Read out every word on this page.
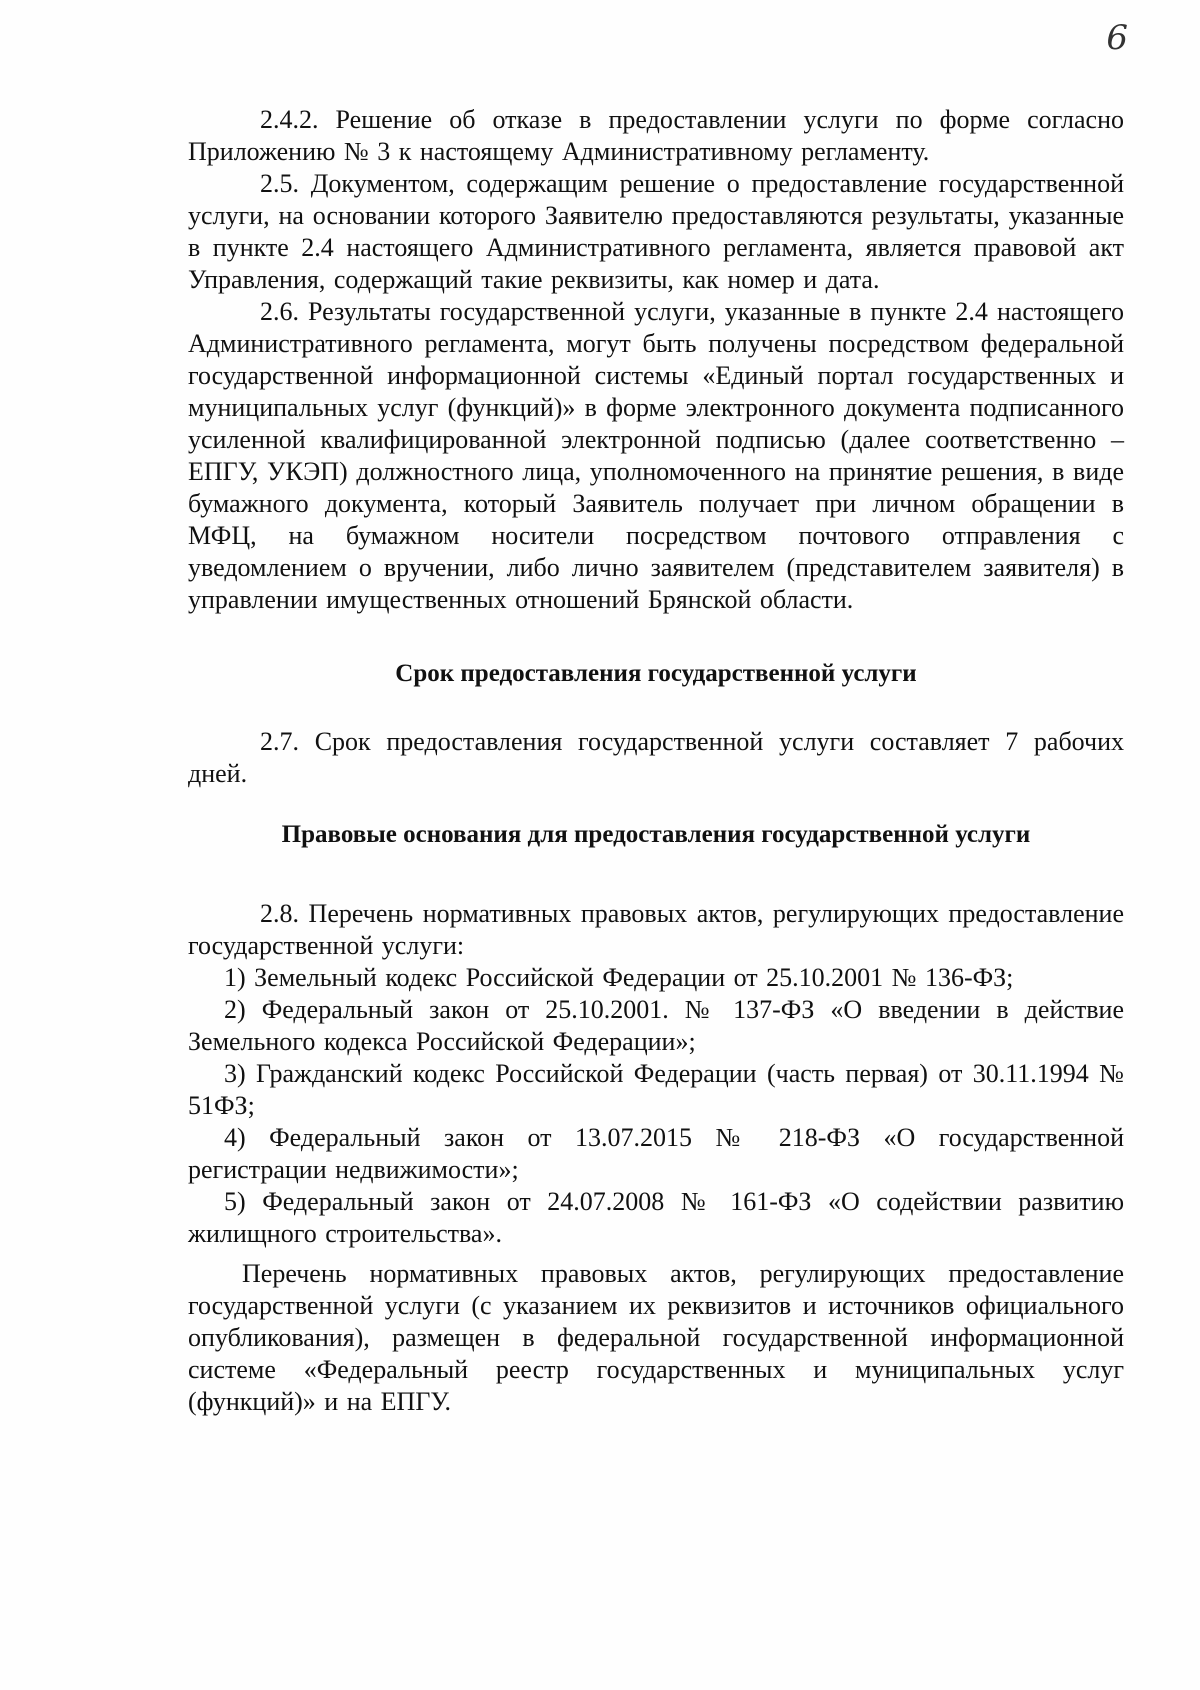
6

2.4.2. Решение об отказе в предоставлении услуги по форме согласно Приложению № 3 к настоящему Административному регламенту.

2.5. Документом, содержащим решение о предоставление государственной услуги, на основании которого Заявителю предоставляются результаты, указанные в пункте 2.4 настоящего Административного регламента, является правовой акт Управления, содержащий такие реквизиты, как номер и дата.

2.6. Результаты государственной услуги, указанные в пункте 2.4 настоящего Административного регламента, могут быть получены посредством федеральной государственной информационной системы «Единый портал государственных и муниципальных услуг (функций)» в форме электронного документа подписанного усиленной квалифицированной электронной подписью (далее соответственно – ЕПГУ, УКЭП) должностного лица, уполномоченного на принятие решения, в виде бумажного документа, который Заявитель получает при личном обращении в МФЦ, на бумажном носители посредством почтового отправления с уведомлением о вручении, либо лично заявителем (представителем заявителя) в управлении имущественных отношений Брянской области.

Срок предоставления государственной услуги

2.7. Срок предоставления государственной услуги составляет 7 рабочих дней.

Правовые основания для предоставления государственной услуги

2.8. Перечень нормативных правовых актов, регулирующих предоставление государственной услуги:

1) Земельный кодекс Российской Федерации от 25.10.2001 № 136-ФЗ;

2) Федеральный закон от 25.10.2001. № 137-ФЗ «О введении в действие Земельного кодекса Российской Федерации»;

3) Гражданский кодекс Российской Федерации (часть первая) от 30.11.1994 № 51ФЗ;

4) Федеральный закон от 13.07.2015 № 218-ФЗ «О государственной регистрации недвижимости»;

5) Федеральный закон от 24.07.2008 № 161-ФЗ «О содействии развитию жилищного строительства».

Перечень нормативных правовых актов, регулирующих предоставление государственной услуги (с указанием их реквизитов и источников официального опубликования), размещен в федеральной государственной информационной системе «Федеральный реестр государственных и муниципальных услуг (функций)» и на ЕПГУ.
